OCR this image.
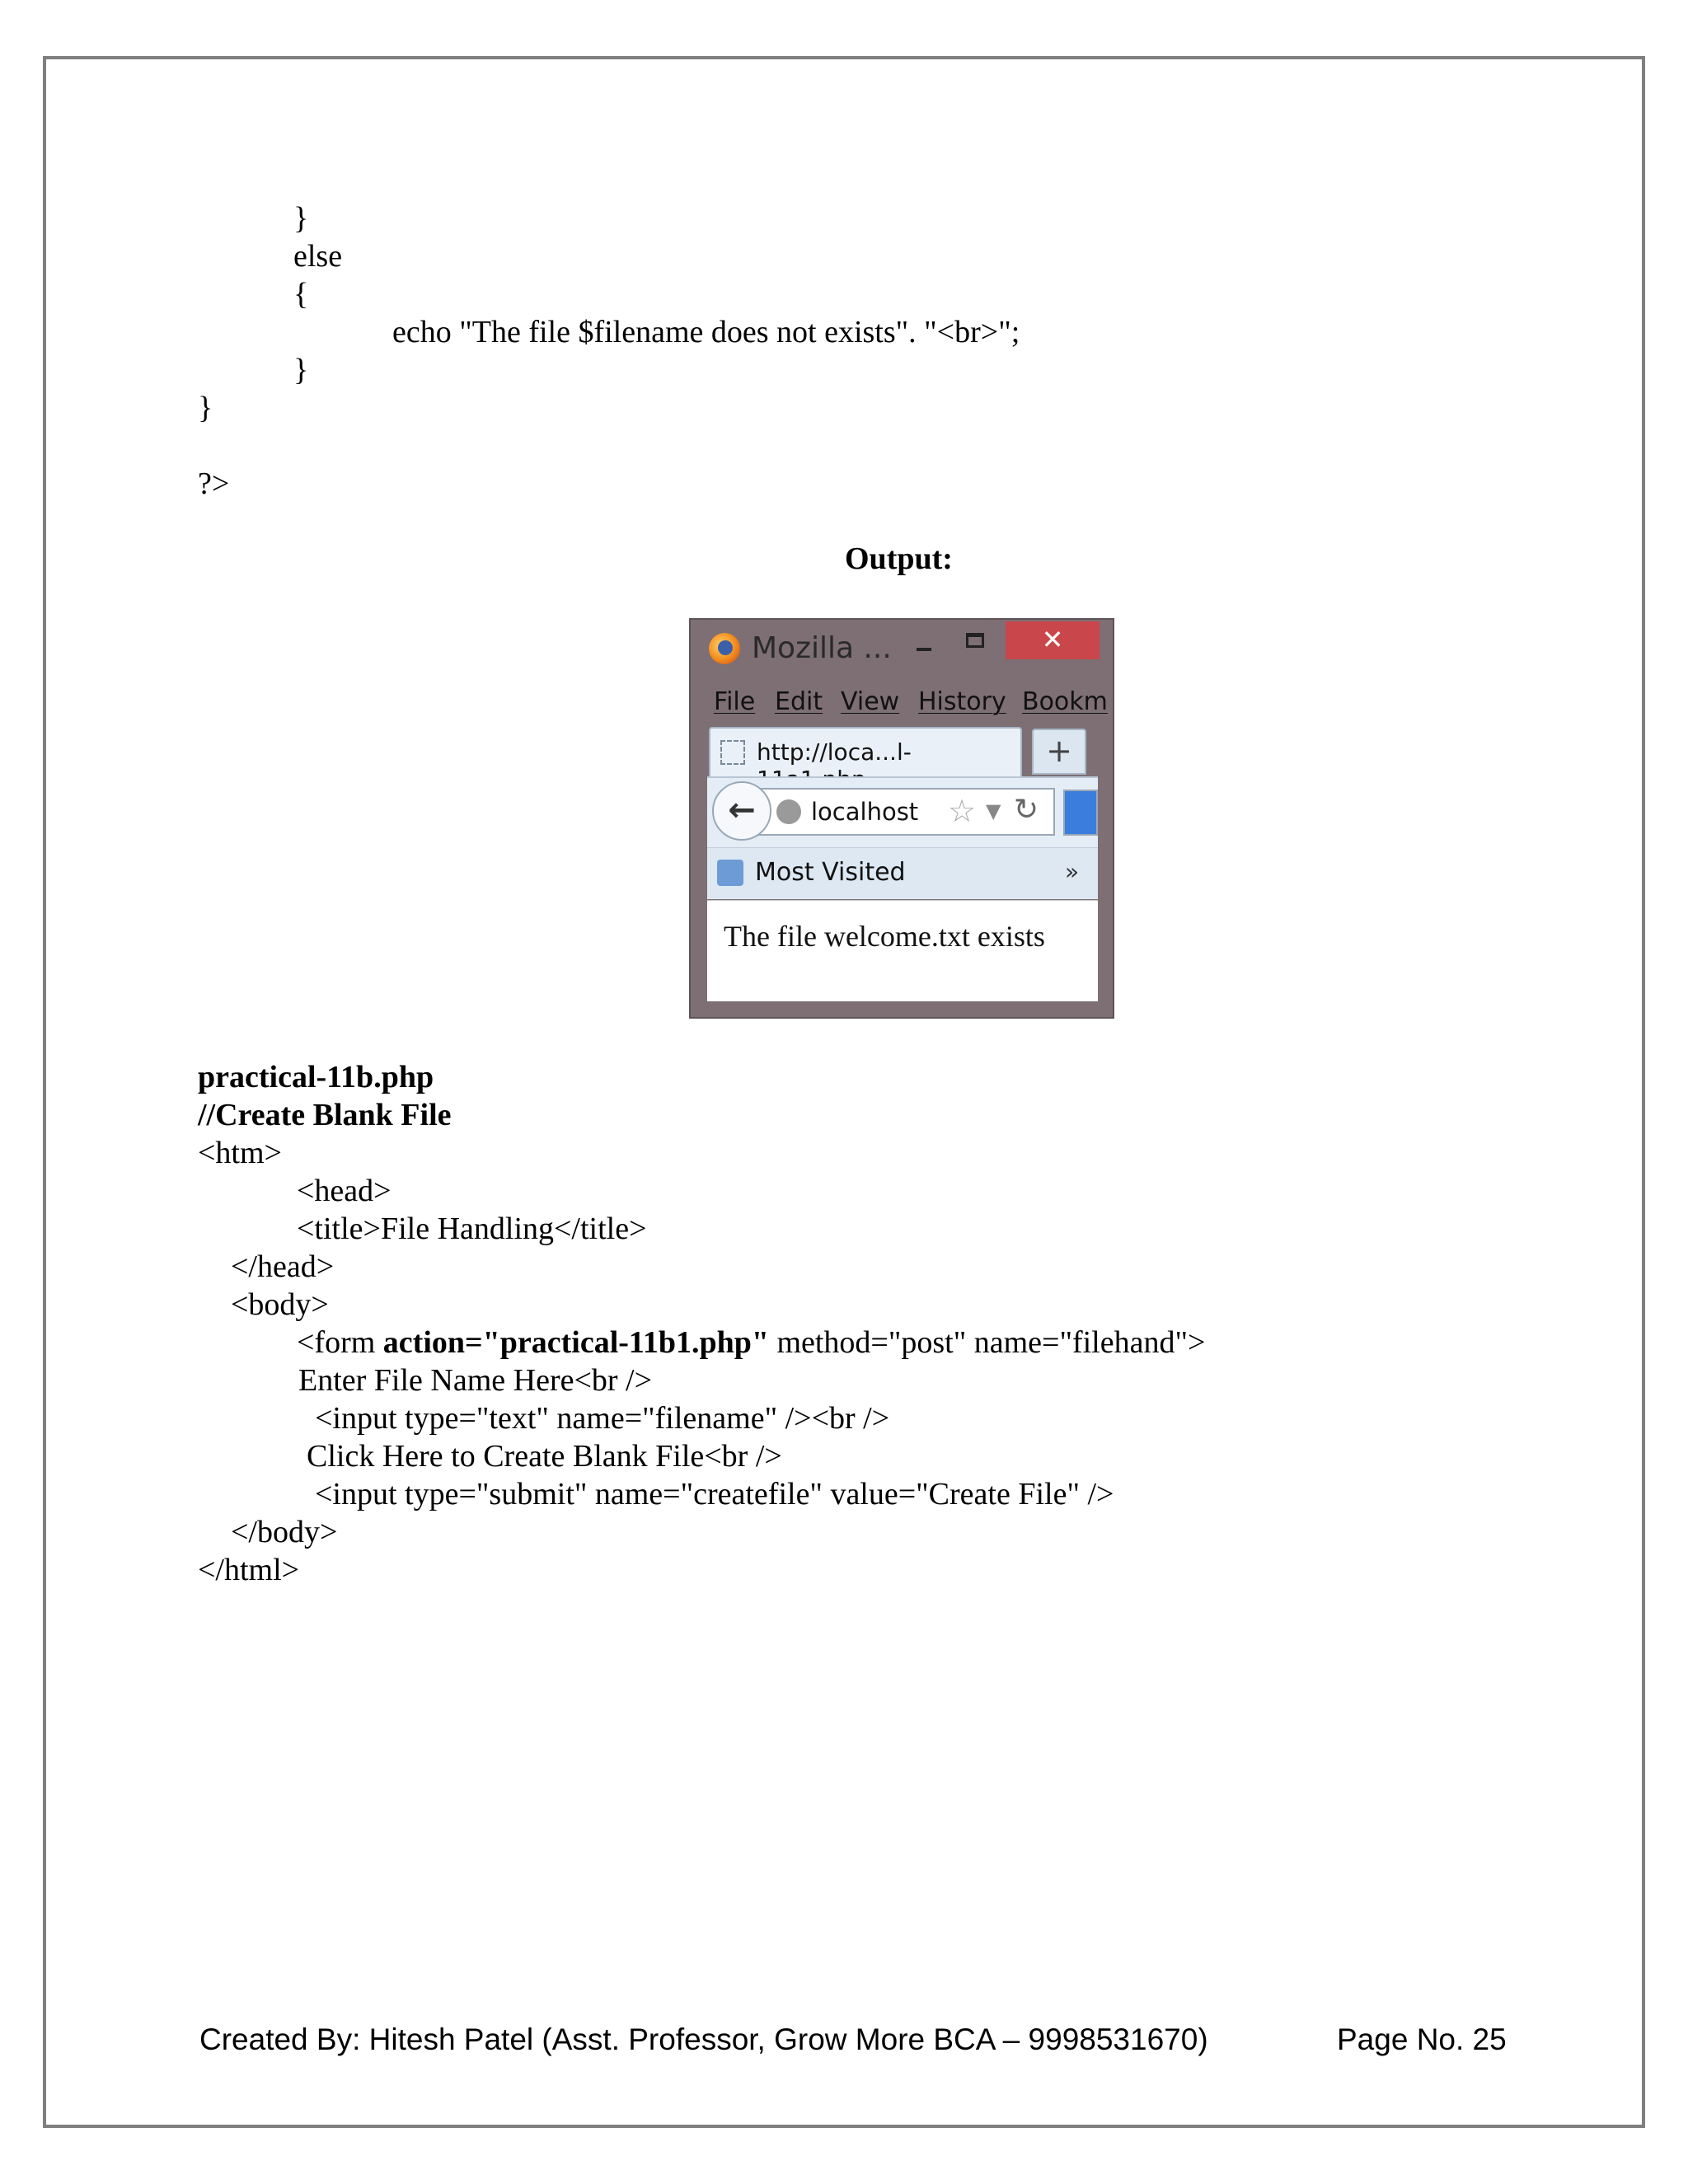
}
else
{
echo "The file $filename does not exists". "<br>";
}
}
?>
Output:
Mozilla ...	✕
File Edit View History Bookm
http://loca...l-	+
localhost ☆ ▼ ↻
←
Most Visited	»
The file welcome.txt exists
practical-11b.php
//Create Blank File
<htm>
<head>
<title>File Handling</title>
</head>
<body>
<form action="practical-11b1.php" method="post" name="filehand">
Enter File Name Here<br />
<input type="text" name="filename" /><br />
Click Here to Create Blank File<br />
<input type="submit" name="createfile" value="Create File" />
</body>
</html>
Created By: Hitesh Patel (Asst. Professor, Grow More BCA – 9998531670)	Page No. 25
